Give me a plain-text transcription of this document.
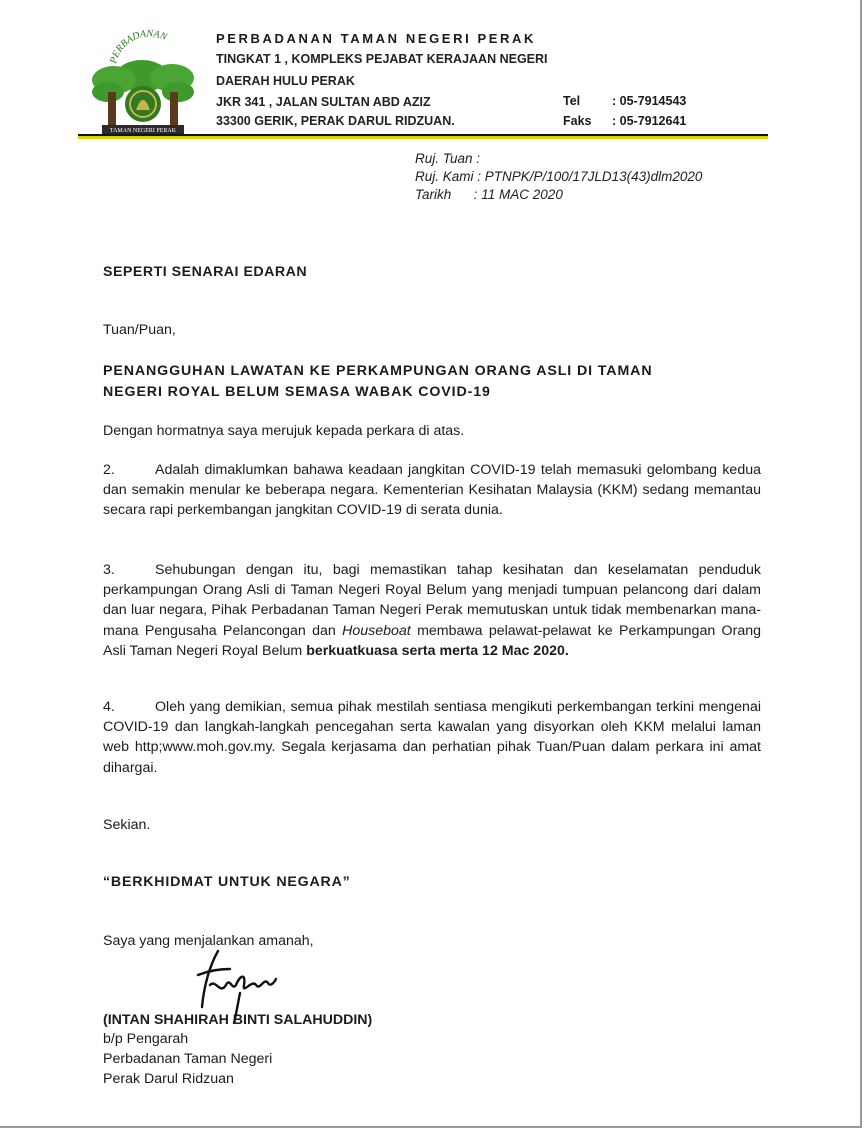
PERBADANAN
TAMAN NEGERI PERAK
PERBADANAN TAMAN NEGERI PERAK
TINGKAT 1 , KOMPLEKS PEJABAT KERAJAAN NEGERI
DAERAH HULU PERAK
JKR 341 , JALAN SULTAN ABD AZIZ
33300 GERIK, PERAK DARUL RIDZUAN.
Tel	: 05-7914543
Faks : 05-7912641
Ruj. Tuan :
Ruj. Kami : PTNPK/P/100/17JLD13(43)dlm2020
Tarikh      : 11 MAC 2020
SEPERTI SENARAI EDARAN
Tuan/Puan,
PENANGGUHAN LAWATAN KE PERKAMPUNGAN ORANG ASLI DI TAMAN
NEGERI ROYAL BELUM SEMASA WABAK COVID-19
Dengan hormatnya saya merujuk kepada perkara di atas.
2.	Adalah dimaklumkan bahawa keadaan jangkitan COVID-19 telah memasuki gelombang kedua dan semakin menular ke beberapa negara. Kementerian Kesihatan Malaysia (KKM) sedang memantau secara rapi perkembangan jangkitan COVID-19 di serata dunia.
3.	Sehubungan dengan itu, bagi memastikan tahap kesihatan dan keselamatan penduduk perkampungan Orang Asli di Taman Negeri Royal Belum yang menjadi tumpuan pelancong dari dalam dan luar negara, Pihak Perbadanan Taman Negeri Perak memutuskan untuk tidak membenarkan mana-mana Pengusaha Pelancongan dan Houseboat membawa pelawat-pelawat ke Perkampungan Orang Asli Taman Negeri Royal Belum berkuatkuasa serta merta 12 Mac 2020.
4.	Oleh yang demikian, semua pihak mestilah sentiasa mengikuti perkembangan terkini mengenai COVID-19 dan langkah-langkah pencegahan serta kawalan yang disyorkan oleh KKM melalui laman web http;www.moh.gov.my. Segala kerjasama dan perhatian pihak Tuan/Puan dalam perkara ini amat dihargai.
Sekian.
“BERKHIDMAT UNTUK NEGARA”
Saya yang menjalankan amanah,
(INTAN SHAHIRAH BINTI SALAHUDDIN)
b/p Pengarah
Perbadanan Taman Negeri
Perak Darul Ridzuan
